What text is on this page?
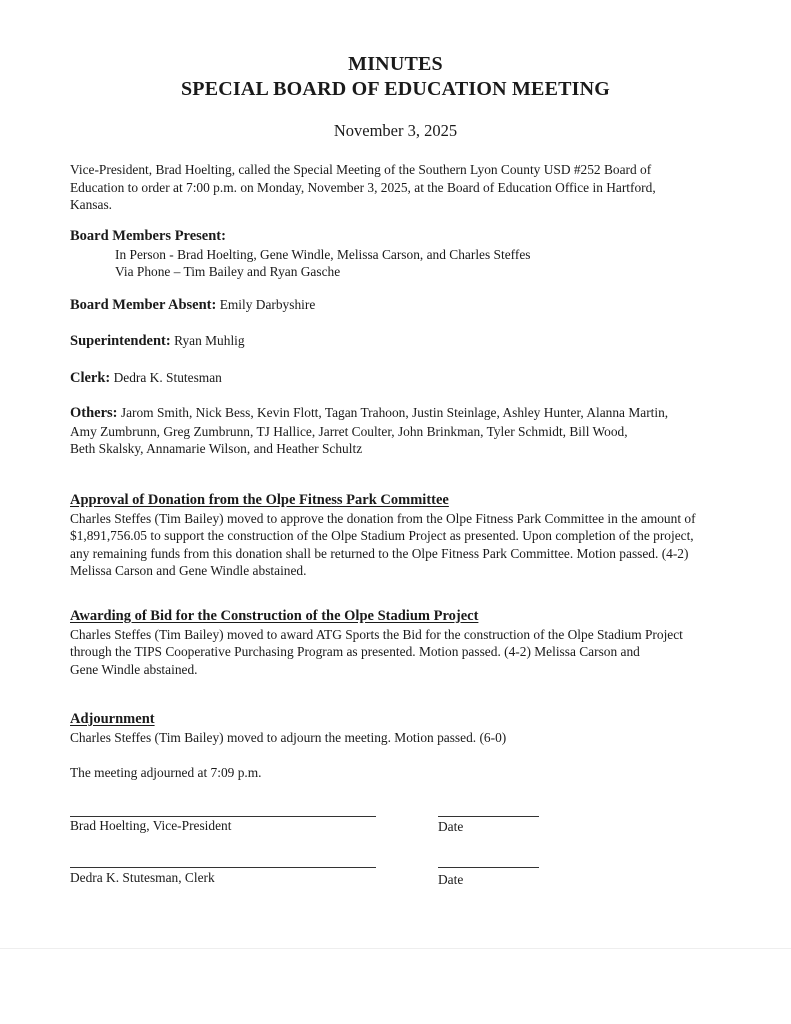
MINUTES
SPECIAL BOARD OF EDUCATION MEETING
November 3, 2025
Vice-President, Brad Hoelting, called the Special Meeting of the Southern Lyon County USD #252 Board of
Education to order at 7:00 p.m. on Monday, November 3, 2025, at the Board of Education Office in Hartford,
Kansas.
Board Members Present:
In Person - Brad Hoelting, Gene Windle, Melissa Carson, and Charles Steffes
Via Phone – Tim Bailey and Ryan Gasche
Board Member Absent: Emily Darbyshire
Superintendent: Ryan Muhlig
Clerk: Dedra K. Stutesman
Others: Jarom Smith, Nick Bess, Kevin Flott, Tagan Trahoon, Justin Steinlage, Ashley Hunter, Alanna Martin,
Amy Zumbrunn, Greg Zumbrunn, TJ Hallice, Jarret Coulter, John Brinkman, Tyler Schmidt, Bill Wood,
Beth Skalsky, Annamarie Wilson, and Heather Schultz
Approval of Donation from the Olpe Fitness Park Committee
Charles Steffes (Tim Bailey) moved to approve the donation from the Olpe Fitness Park Committee in the amount of
$1,891,756.05 to support the construction of the Olpe Stadium Project as presented. Upon completion of the project,
any remaining funds from this donation shall be returned to the Olpe Fitness Park Committee. Motion passed. (4-2)
Melissa Carson and Gene Windle abstained.
Awarding of Bid for the Construction of the Olpe Stadium Project
Charles Steffes (Tim Bailey) moved to award ATG Sports the Bid for the construction of the Olpe Stadium Project
through the TIPS Cooperative Purchasing Program as presented. Motion passed. (4-2) Melissa Carson and
Gene Windle abstained.
Adjournment
Charles Steffes (Tim Bailey) moved to adjourn the meeting. Motion passed. (6-0)
The meeting adjourned at 7:09 p.m.
Brad Hoelting, Vice-President	Date
Dedra K. Stutesman, Clerk	Date
